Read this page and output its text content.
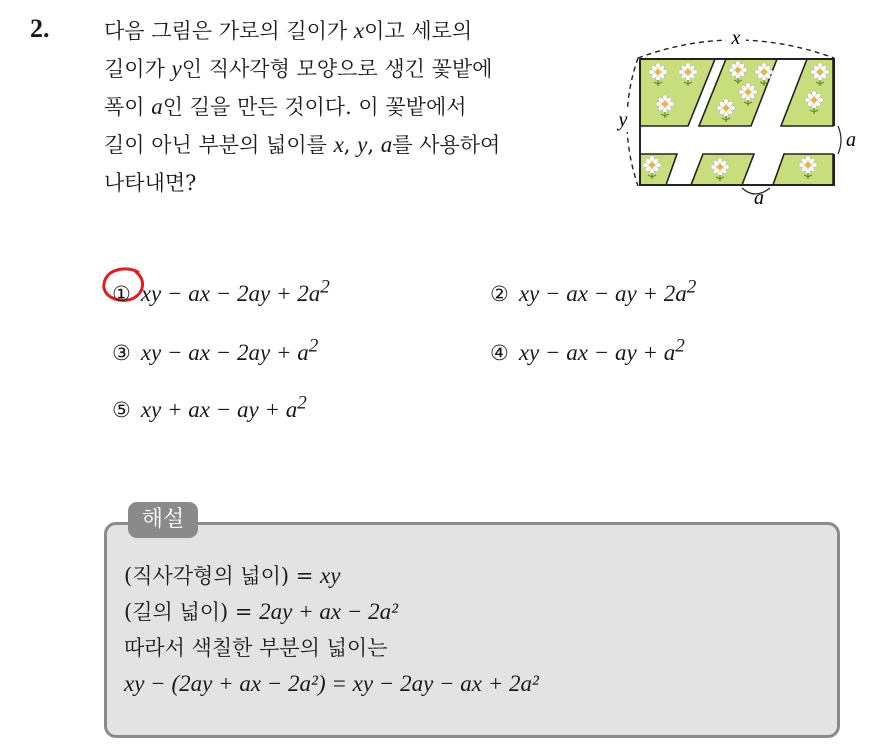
2.	다음 그림은 가로의 길이가 x이고 세로의
길이가 y인 직사각형 모양으로 생긴 꽃밭에
폭이 a인 길을 만든 것이다. 이 꽃밭에서
길이 아닌 부분의 넓이를 x, y, a를 사용하여
나타내면?
x
y
a
a
① xy − ax − $2ay + 2a^2$	② xy − ax − ay + $2a^2$
③ xy − ax − $2ay + a^2$	④ xy − ax − ay + $a^2$
⑤ xy + ax − ay + $a^2$
해설
(직사각형의 넓이) = xy
(길의 넓이) = 2ay + ax − 2a²
따라서 색칠한 부분의 넓이는
xy − (2ay + ax − 2a²) = xy − 2ay − ax + 2a²
